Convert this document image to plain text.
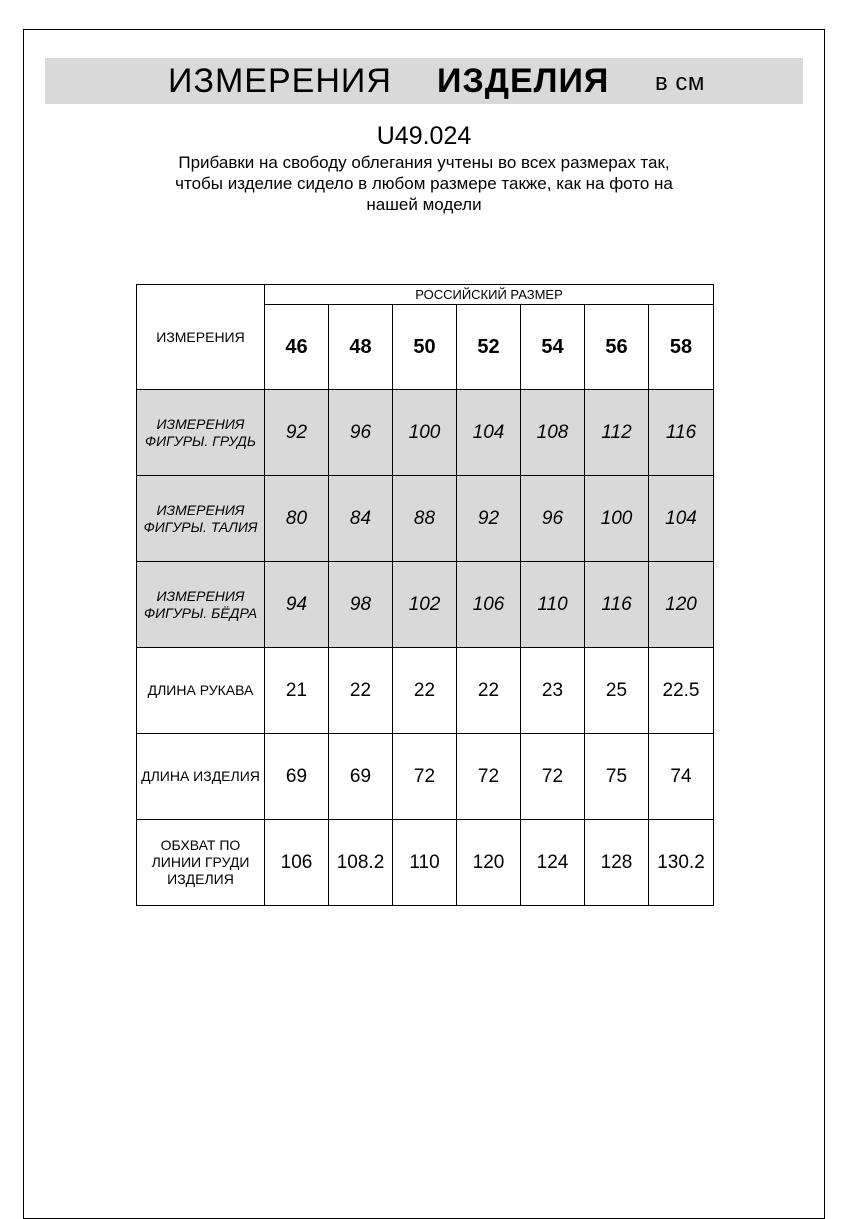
ИЗМЕРЕНИЯ ИЗДЕЛИЯ в см
U49.024
Прибавки на свободу облегания учтены во всех размерах так,
чтобы изделие сидело в любом размере также, как на фото на
нашей модели
ИЗМЕРЕНИЯ
РОССИЙСКИЙ РАЗМЕР
46 48 50 52 54 56 58
ИЗМЕРЕНИЯ
ФИГУРЫ. ГРУДЬ 92 96 100 104 108 112 116
ИЗМЕРЕНИЯ
ФИГУРЫ. ТАЛИЯ 80 84 88 92 96 100 104
ИЗМЕРЕНИЯ
ФИГУРЫ. БЁДРА 94 98 102 106 110 116 120
ДЛИНА РУКАВА 21 22 22 22 23 25 22.5
ДЛИНА ИЗДЕЛИЯ 69 69 72 72 72 75 74
ОБХВАТ ПО
ЛИНИИ ГРУДИ
ИЗДЕЛИЯ
106 108.2 110 120 124 128 130.2
